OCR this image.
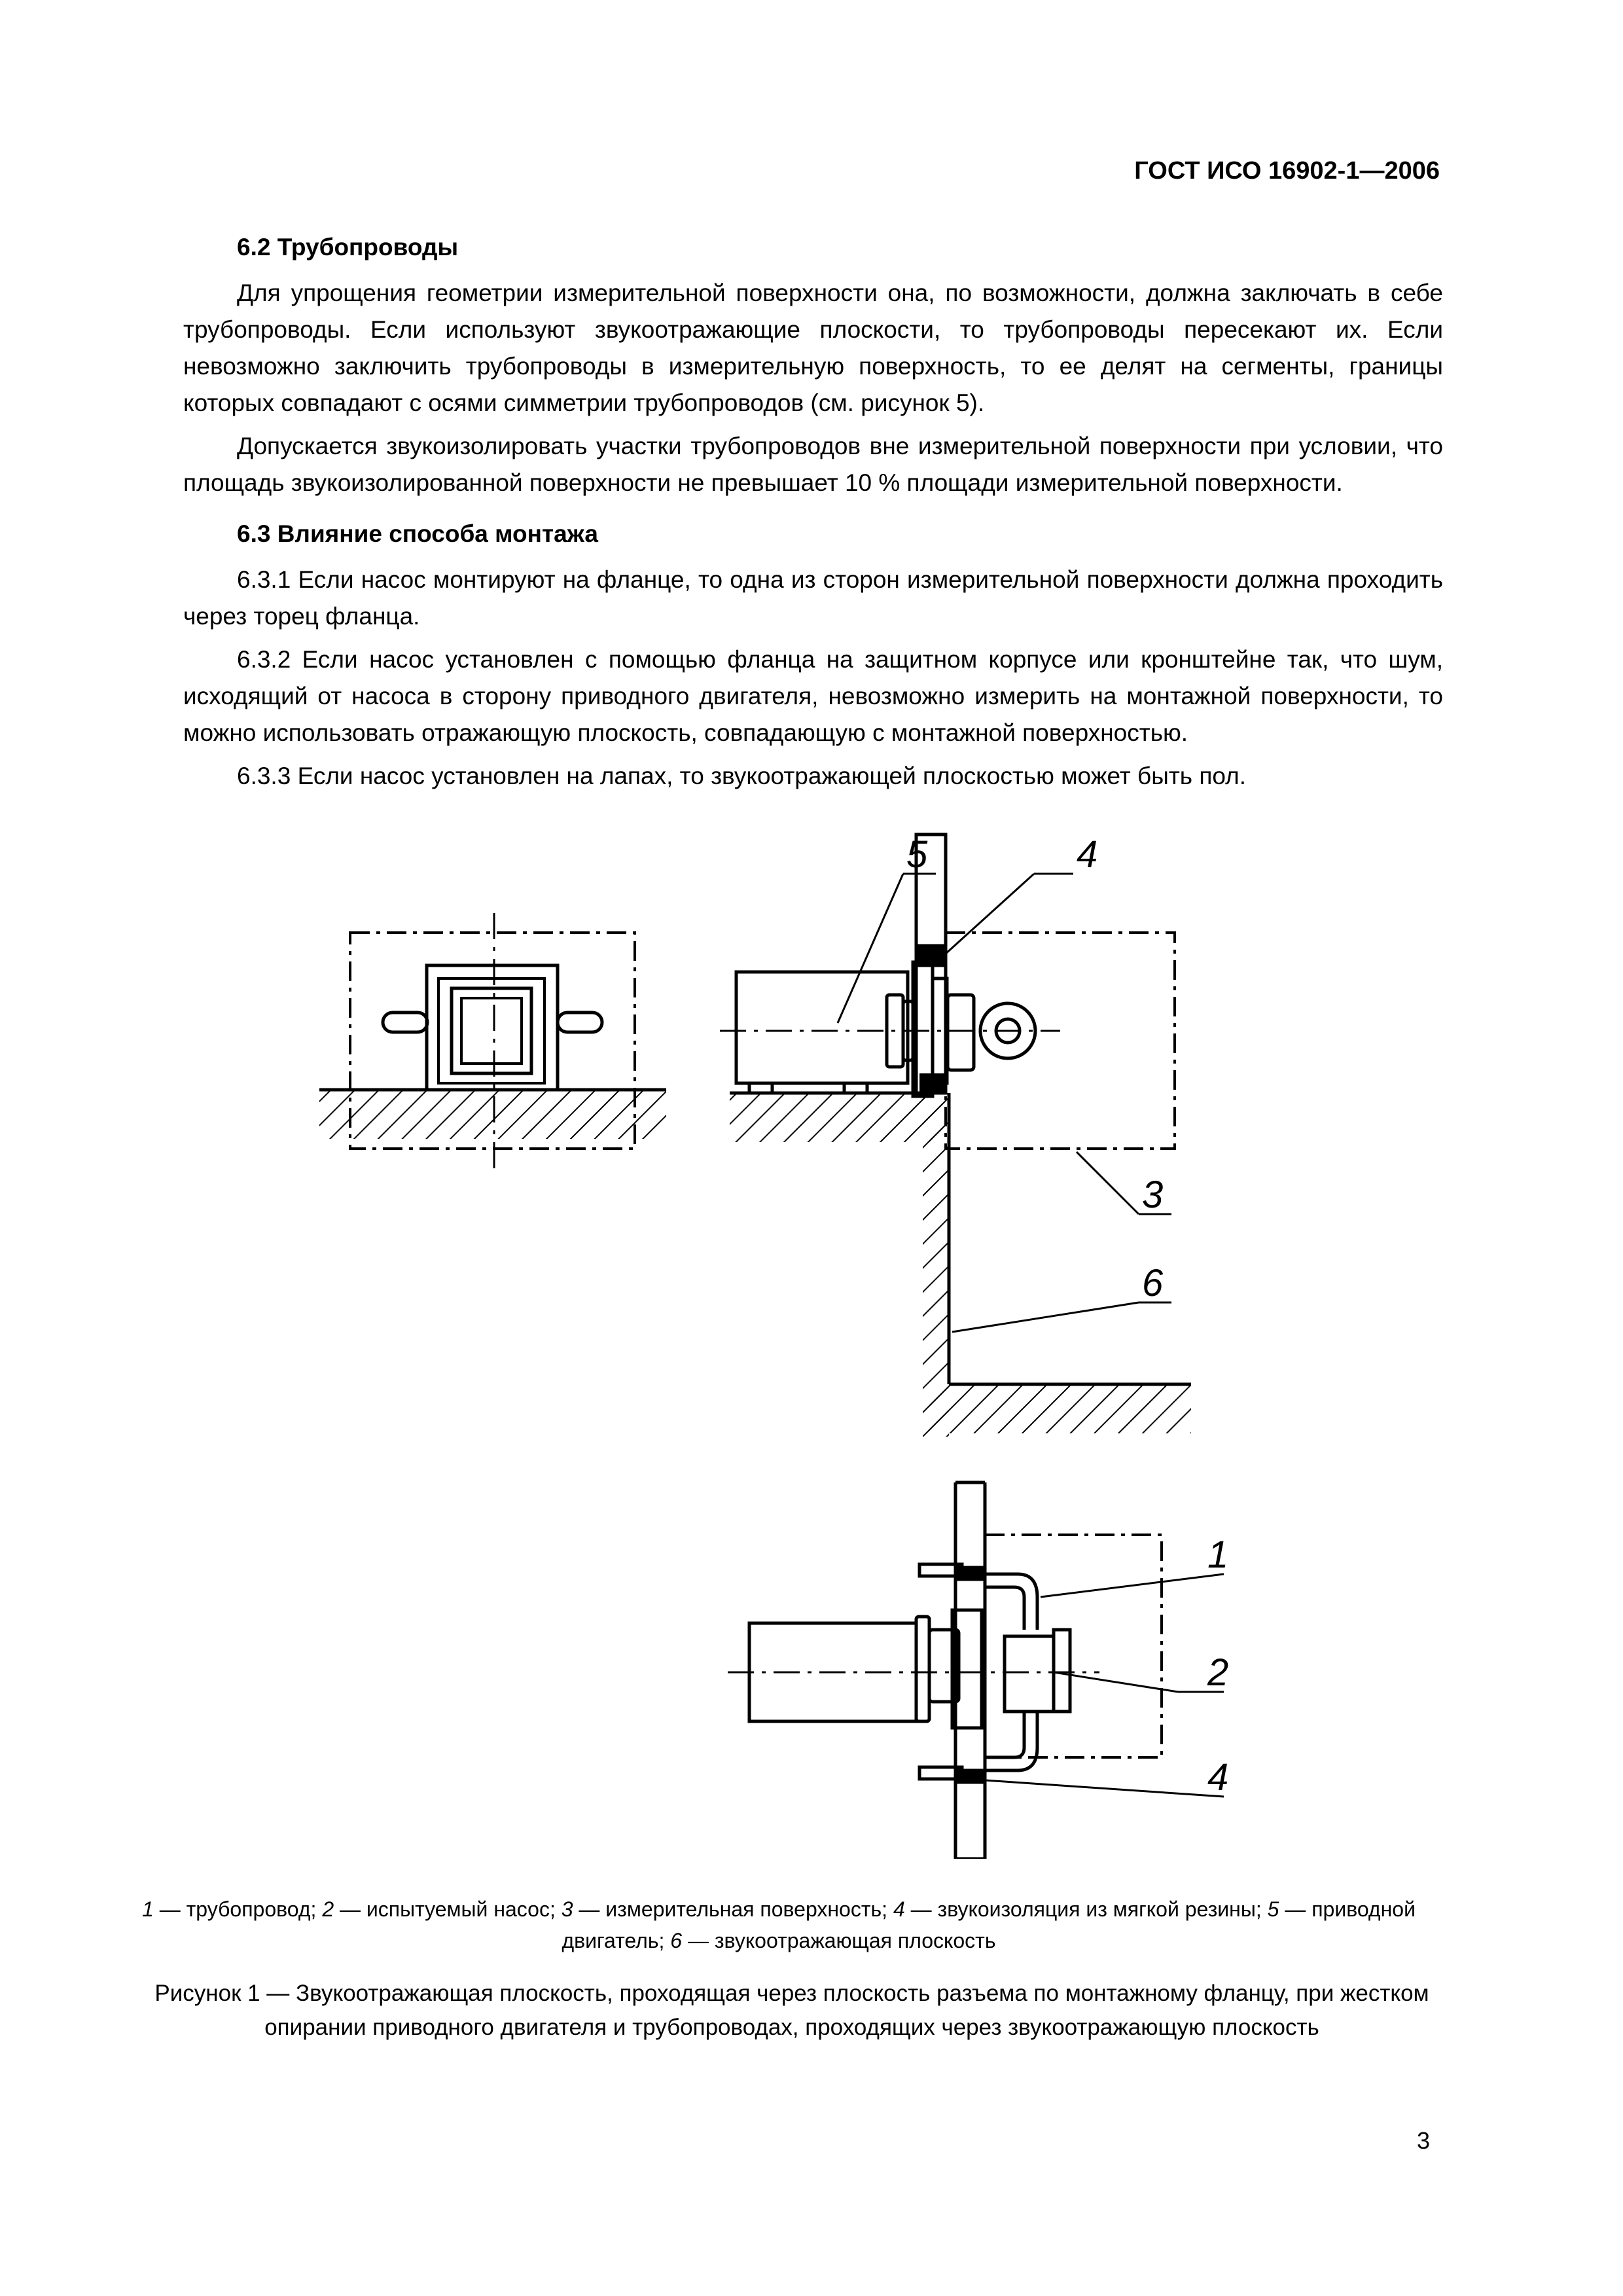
ГОСТ ИСО 16902-1—2006
6.2 Трубопроводы

Для упрощения геометрии измерительной поверхности она, по возможности, должна заключать в себе трубопроводы. Если используют звукоотражающие плоскости, то трубопроводы пересекают их. Если невозможно заключить трубопроводы в измерительную поверхность, то ее делят на сегменты, границы которых совпадают с осями симметрии трубопроводов (см. рисунок 5).

Допускается звукоизолировать участки трубопроводов вне измерительной поверхности при условии, что площадь звукоизолированной поверхности не превышает 10 % площади измерительной поверхности.

6.3 Влияние способа монтажа

6.3.1 Если насос монтируют на фланце, то одна из сторон измерительной поверхности должна проходить через торец фланца.

6.3.2 Если насос установлен с помощью фланца на защитном корпусе или кронштейне так, что шум, исходящий от насоса в сторону приводного двигателя, невозможно измерить на монтажной поверхности, то можно использовать отражающую плоскость, совпадающую с монтажной поверхностью.

6.3.3 Если насос установлен на лапах, то звукоотражающей плоскостью может быть пол.

5	4
3
6
1
2
4
1 — трубопровод; 2 — испытуемый насос; 3 — измерительная поверхность; 4 — звукоизоляция из мягкой резины; 5 — приводной двигатель; 6 — звукоотражающая плоскость
Рисунок 1 — Звукоотражающая плоскость, проходящая через плоскость разъема по монтажному фланцу, при жестком опирании приводного двигателя и трубопроводах, проходящих через звукоотражающую плоскость
3
